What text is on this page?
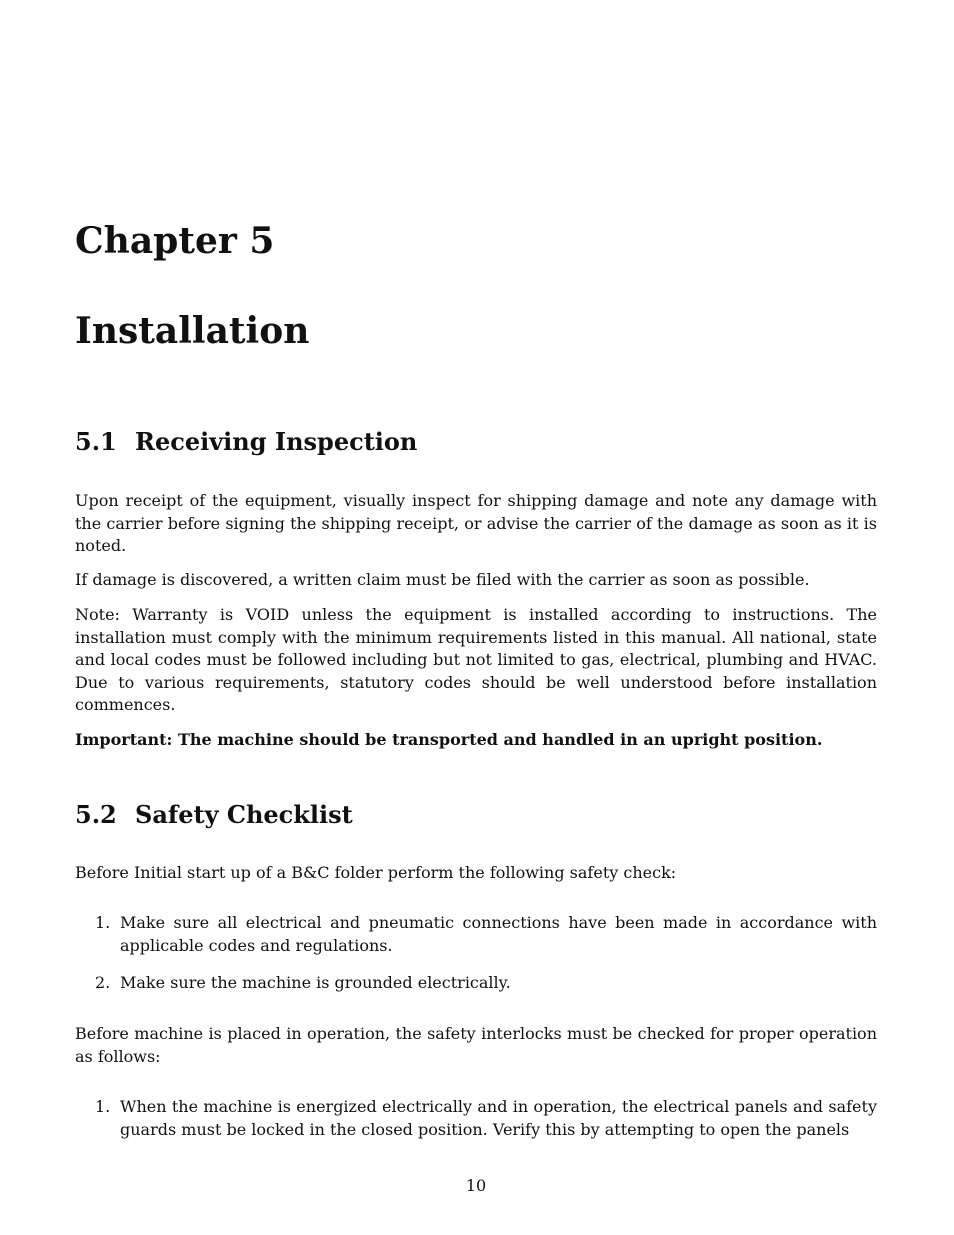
Chapter 5
Installation
5.1 Receiving Inspection

Upon receipt of the equipment, visually inspect for shipping damage and note any damage with the carrier before signing the shipping receipt, or advise the carrier of the damage as soon as it is noted.

If damage is discovered, a written claim must be filed with the carrier as soon as possible.

Note: Warranty is VOID unless the equipment is installed according to instructions. The installation must comply with the minimum requirements listed in this manual. All national, state and local codes must be followed including but not limited to gas, electrical, plumbing and HVAC. Due to various requirements, statutory codes should be well understood before installation commences.

Important: The machine should be transported and handled in an upright position.

5.2 Safety Checklist

Before Initial start up of a B&C folder perform the following safety check:

1. Make sure all electrical and pneumatic connections have been made in accordance with applicable codes and regulations.
2. Make sure the machine is grounded electrically.

Before machine is placed in operation, the safety interlocks must be checked for proper operation as follows:

1. When the machine is energized electrically and in operation, the electrical panels and safety guards must be locked in the closed position. Verify this by attempting to open the panels
10
